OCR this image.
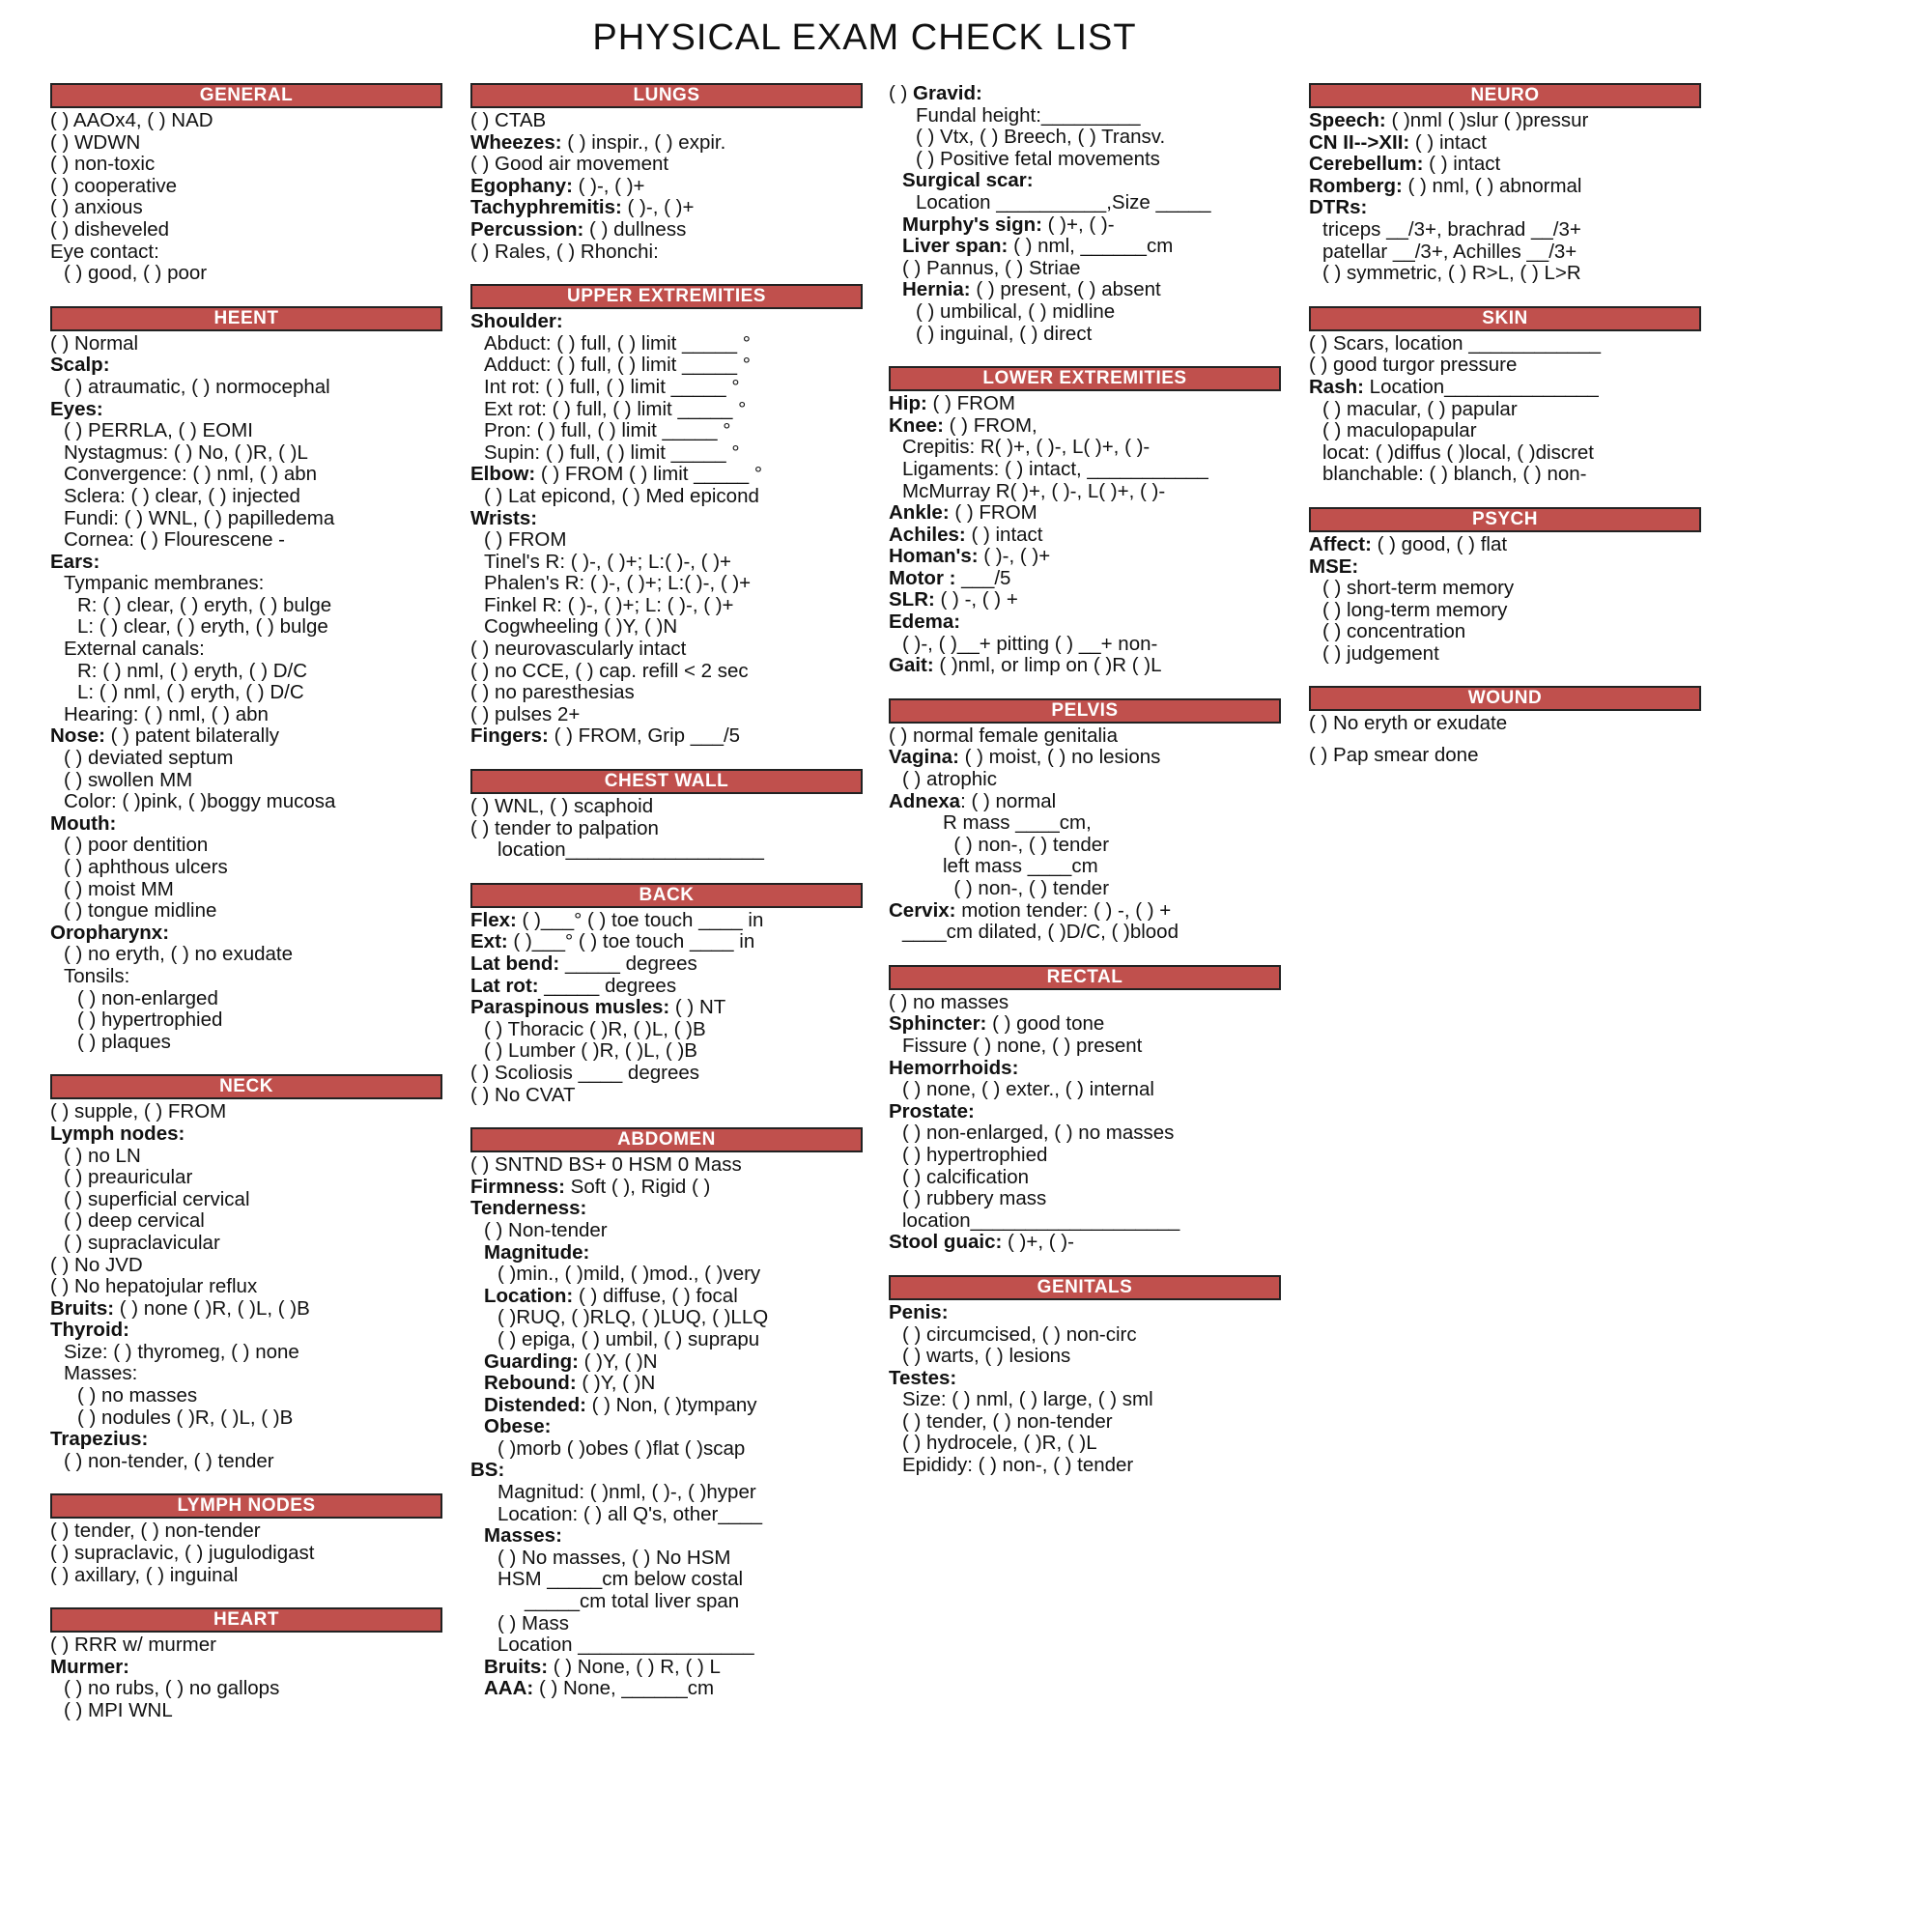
PHYSICAL EXAM CHECK LIST
GENERAL
( ) AAOx4, ( ) NAD
( ) WDWN
( ) non-toxic
( ) cooperative
( ) anxious
( ) disheveled
Eye contact:
( ) good, ( ) poor
HEENT
( ) Normal
Scalp:
( ) atraumatic, ( ) normocephal
Eyes:
( ) PERRLA, ( ) EOMI
Nystagmus: ( ) No, ( )R, ( )L
Convergence: ( ) nml, ( ) abn
Sclera: ( ) clear, ( ) injected
Fundi: ( ) WNL, ( ) papilledema
Cornea: ( ) Flourescene -
Ears:
Tympanic membranes:
R: ( ) clear, ( ) eryth, ( ) bulge
L: ( ) clear, ( ) eryth, ( ) bulge
External canals:
R: ( ) nml, ( ) eryth, ( ) D/C
L: ( ) nml, ( ) eryth, ( ) D/C
Hearing: ( ) nml, ( ) abn
Nose: ( ) patent bilaterally
( ) deviated septum
( ) swollen MM
Color: ( )pink, ( )boggy mucosa
Mouth:
( ) poor dentition
( ) aphthous ulcers
( ) moist MM
( ) tongue midline
Oropharynx:
( ) no eryth, ( ) no exudate
Tonsils:
( ) non-enlarged
( ) hypertrophied
( ) plaques
NECK
( ) supple, ( ) FROM
Lymph nodes:
( ) no LN
( ) preauricular
( ) superficial cervical
( ) deep cervical
( ) supraclavicular
( ) No JVD
( ) No hepatojular reflux
Bruits: ( ) none ( )R, ( )L, ( )B
Thyroid:
Size: ( ) thyromeg, ( ) none
Masses:
( ) no masses
( ) nodules ( )R, ( )L, ( )B
Trapezius:
( ) non-tender, ( ) tender
LYMPH NODES
( ) tender, ( ) non-tender
( ) supraclavic, ( ) jugulodigast
( ) axillary, ( ) inguinal
HEART
( ) RRR w/ murmer
Murmer:
( ) no rubs, ( ) no gallops
( ) MPI WNL
LUNGS
( ) CTAB
Wheezes: ( ) inspir., ( ) expir.
( ) Good air movement
Egophany: ( )-, ( )+
Tachyphremitis: ( )-, ( )+
Percussion: ( ) dullness
( ) Rales, ( ) Rhonchi:
UPPER EXTREMITIES
Shoulder:
Abduct: ( ) full, ( ) limit _____ °
Adduct: ( ) full, ( ) limit _____ °
Int rot: ( ) full, ( ) limit _____ °
Ext rot: ( ) full, ( ) limit _____ °
Pron: ( ) full, ( ) limit _____ °
Supin: ( ) full, ( ) limit _____ °
Elbow: ( ) FROM ( ) limit _____ °
( ) Lat epicond, ( ) Med epicond
Wrists:
( ) FROM
Tinel's R: ( )-, ( )+; L:( )-, ( )+
Phalen's R: ( )-, ( )+; L:( )-, ( )+
Finkel R: ( )-, ( )+; L: ( )-, ( )+
Cogwheeling ( )Y, ( )N
( ) neurovascularly intact
( ) no CCE, ( ) cap. refill < 2 sec
( ) no paresthesias
( ) pulses 2+
Fingers: ( ) FROM, Grip ___/5
CHEST WALL
( ) WNL, ( ) scaphoid
( ) tender to palpation
location__________________
BACK
Flex: ( )___° ( ) toe touch ____ in
Ext: ( )___° ( ) toe touch ____ in
Lat bend: _____ degrees
Lat rot: _____ degrees
Paraspinous musles: ( ) NT
( ) Thoracic ( )R, ( )L, ( )B
( ) Lumber ( )R, ( )L, ( )B
( ) Scoliosis ____ degrees
( ) No CVAT
ABDOMEN
( ) SNTND BS+ 0 HSM 0 Mass
Firmness: Soft ( ), Rigid ( )
Tenderness:
( ) Non-tender
Magnitude:
( )min., ( )mild, ( )mod., ( )very
Location: ( ) diffuse, ( ) focal
( )RUQ, ( )RLQ, ( )LUQ, ( )LLQ
( ) epiga, ( ) umbil, ( ) suprapu
Guarding: ( )Y, ( )N
Rebound: ( )Y, ( )N
Distended: ( ) Non, ( )tympany
Obese:
( )morb ( )obes ( )flat ( )scap
BS:
Magnitud: ( )nml, ( )-, ( )hyper
Location: ( ) all Q's, other____
Masses:
( ) No masses, ( ) No HSM
HSM _____cm below costal
_____cm total liver span
( ) Mass
Location ________________
Bruits: ( ) None, ( ) R, ( ) L
AAA: ( ) None, ______cm
( ) Gravid:
Fundal height:_________
( ) Vtx, ( ) Breech, ( ) Transv.
( ) Positive fetal movements
Surgical scar:
Location __________,Size _____
Murphy's sign: ( )+, ( )-
Liver span: ( ) nml, ______cm
( ) Pannus, ( ) Striae
Hernia: ( ) present, ( ) absent
( ) umbilical, ( ) midline
( ) inguinal, ( ) direct
LOWER EXTREMITIES
Hip: ( ) FROM
Knee: ( ) FROM,
Crepitis: R( )+, ( )-, L( )+, ( )-
Ligaments: ( ) intact, ___________
McMurray R( )+, ( )-, L( )+, ( )-
Ankle: ( ) FROM
Achiles: ( ) intact
Homan's: ( )-, ( )+
Motor : ___/5
SLR: ( ) -, ( ) +
Edema:
( )-, ( )__+ pitting ( ) __+ non-
Gait: ( )nml, or limp on ( )R ( )L
PELVIS
( ) normal female genitalia
Vagina: ( ) moist, ( ) no lesions
( ) atrophic
Adnexa: ( ) normal
R mass ____cm,
( ) non-, ( ) tender
left mass ____cm
( ) non-, ( ) tender
Cervix: motion tender: ( ) -, ( ) +
____cm dilated, ( )D/C, ( )blood
RECTAL
( ) no masses
Sphincter: ( ) good tone
Fissure ( ) none, ( ) present
Hemorrhoids:
( ) none, ( ) exter., ( ) internal
Prostate:
( ) non-enlarged, ( ) no masses
( ) hypertrophied
( ) calcification
( ) rubbery mass
location___________________
Stool guaic: ( )+, ( )-
GENITALS
Penis:
( ) circumcised, ( ) non-circ
( ) warts, ( ) lesions
Testes:
Size: ( ) nml, ( ) large, ( ) sml
( ) tender, ( ) non-tender
( ) hydrocele, ( )R, ( )L
Epididy: ( ) non-, ( ) tender
NEURO
Speech: ( )nml ( )slur ( )pressur
CN II-->XII: ( ) intact
Cerebellum: ( ) intact
Romberg: ( ) nml, ( ) abnormal
DTRs:
triceps __/3+, brachrad __/3+
patellar __/3+, Achilles __/3+
( ) symmetric, ( ) R>L, ( ) L>R
SKIN
( ) Scars, location ____________
( ) good turgor pressure
Rash: Location______________
( ) macular, ( ) papular
( ) maculopapular
locat: ( )diffus ( )local, ( )discret
blanchable: ( ) blanch, ( ) non-
PSYCH
Affect: ( ) good, ( ) flat
MSE:
( ) short-term memory
( ) long-term memory
( ) concentration
( ) judgement
WOUND
( ) No eryth or exudate
( ) Pap smear done
